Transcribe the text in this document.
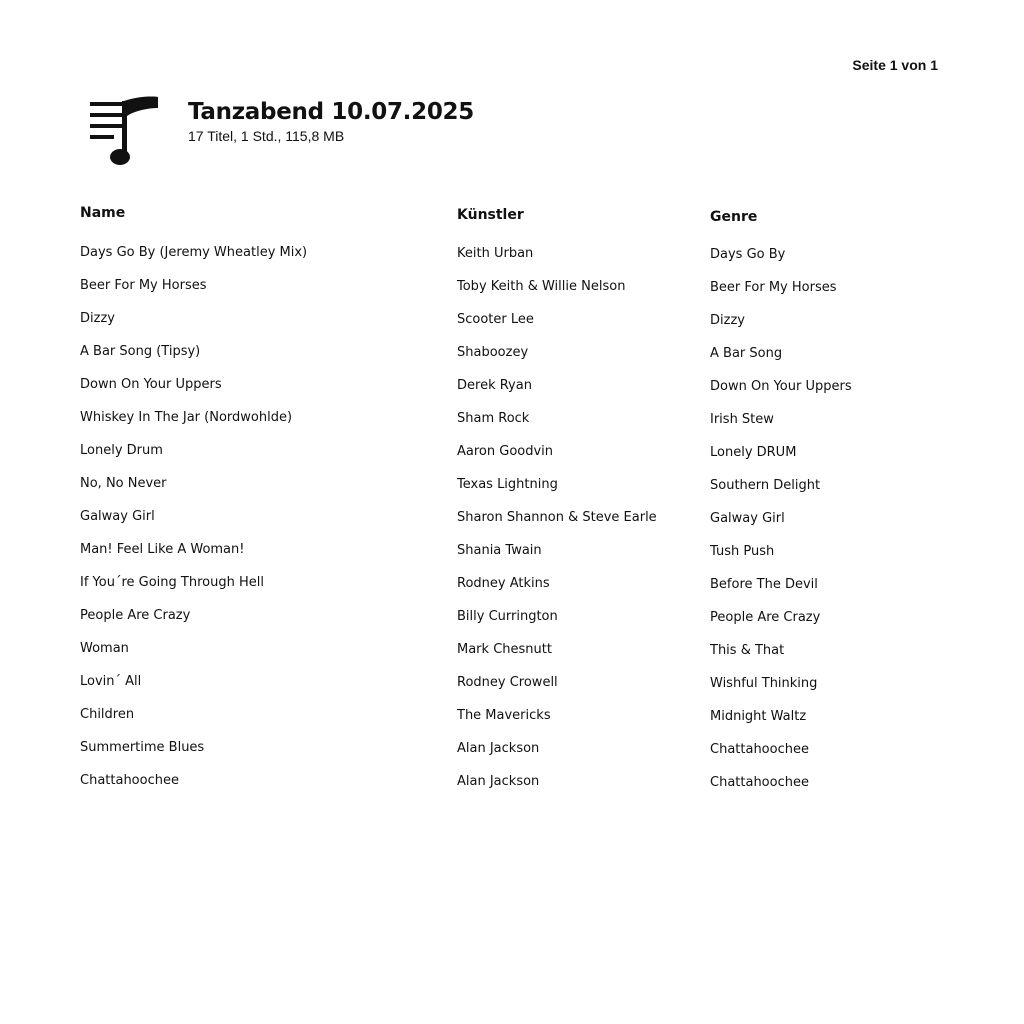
Seite 1 von 1
Tanzabend 10.07.2025
17 Titel, 1 Std., 115,8 MB
Name	Künstler	Genre
Days Go By (Jeremy Wheatley Mix)	Keith Urban	Days Go By
Beer For My Horses	Toby Keith & Willie Nelson	Beer For My Horses
Dizzy	Scooter Lee	Dizzy
A Bar Song (Tipsy)	Shaboozey	A Bar Song
Down On Your Uppers	Derek Ryan	Down On Your Uppers
Whiskey In The Jar (Nordwohlde)	Sham Rock	Irish Stew
Lonely Drum	Aaron Goodvin	Lonely DRUM
No, No Never	Texas Lightning	Southern Delight
Galway Girl	Sharon Shannon & Steve Earle	Galway Girl
Man! Feel Like A Woman!	Shania Twain	Tush Push
If You´re Going Through Hell	Rodney Atkins	Before The Devil
People Are Crazy	Billy Currington	People Are Crazy
Woman	Mark Chesnutt	This & That
Lovin´ All	Rodney Crowell	Wishful Thinking
Children	The Mavericks	Midnight Waltz
Summertime Blues	Alan Jackson	Chattahoochee
Chattahoochee	Alan Jackson	Chattahoochee
